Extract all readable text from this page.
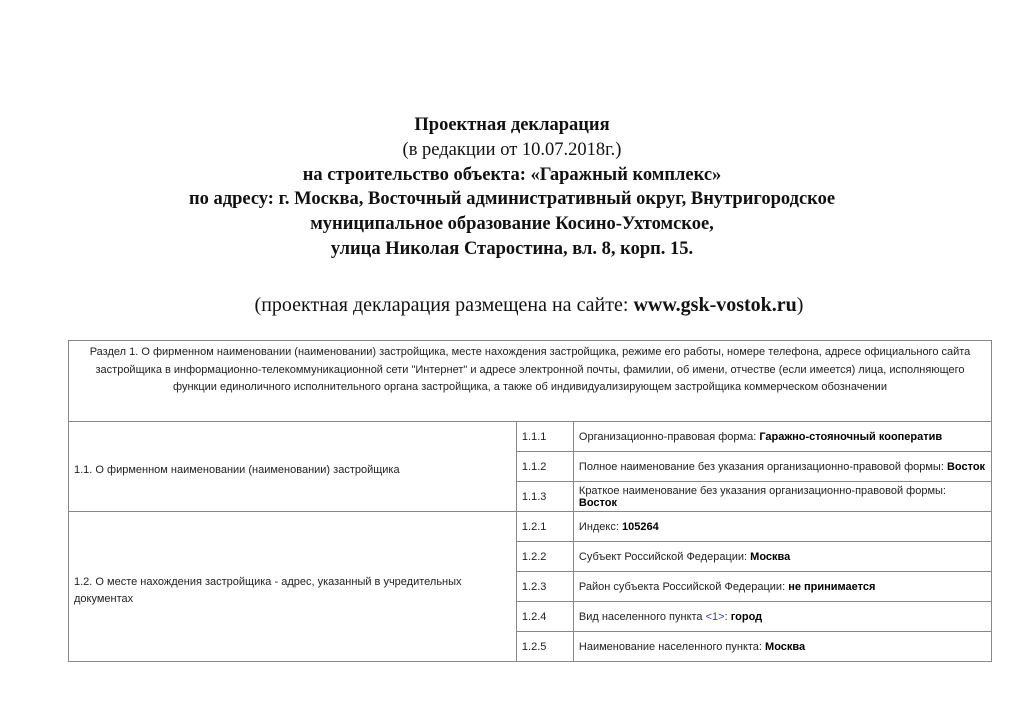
Проектная декларация
(в редакции от 10.07.2018г.)
на строительство объекта: «Гаражный комплекс»
по адресу: г. Москва, Восточный административный округ, Внутригородское
муниципальное образование Косино-Ухтомское,
улица Николая Старостина, вл. 8, корп. 15.
(проектная декларация размещена на сайте: www.gsk-vostok.ru)
Раздел 1. О фирменном наименовании (наименовании) застройщика, месте нахождения застройщика, режиме его работы, номере телефона, адресе официального сайта застройщика в информационно-телекоммуникационной сети "Интернет" и адресе электронной почты, фамилии, об имени, отчестве (если имеется) лица, исполняющего функции единоличного исполнительного органа застройщика, а также об индивидуализирующем застройщика коммерческом обозначении		
1.1. О фирменном наименовании (наименовании) застройщика	1.1.1	Организационно-правовая форма: Гаражно-стояночный кооператив
	1.1.2	Полное наименование без указания организационно-правовой формы: Восток
	1.1.3	Краткое наименование без указания организационно-правовой формы: Восток
1.2. О месте нахождения застройщика - адрес, указанный в учредительных документах	1.2.1	Индекс: 105264
	1.2.2	Субъект Российской Федерации: Москва
	1.2.3	Район субъекта Российской Федерации: не принимается
	1.2.4	Вид населенного пункта <1>: город
	1.2.5	Наименование населенного пункта: Москва
